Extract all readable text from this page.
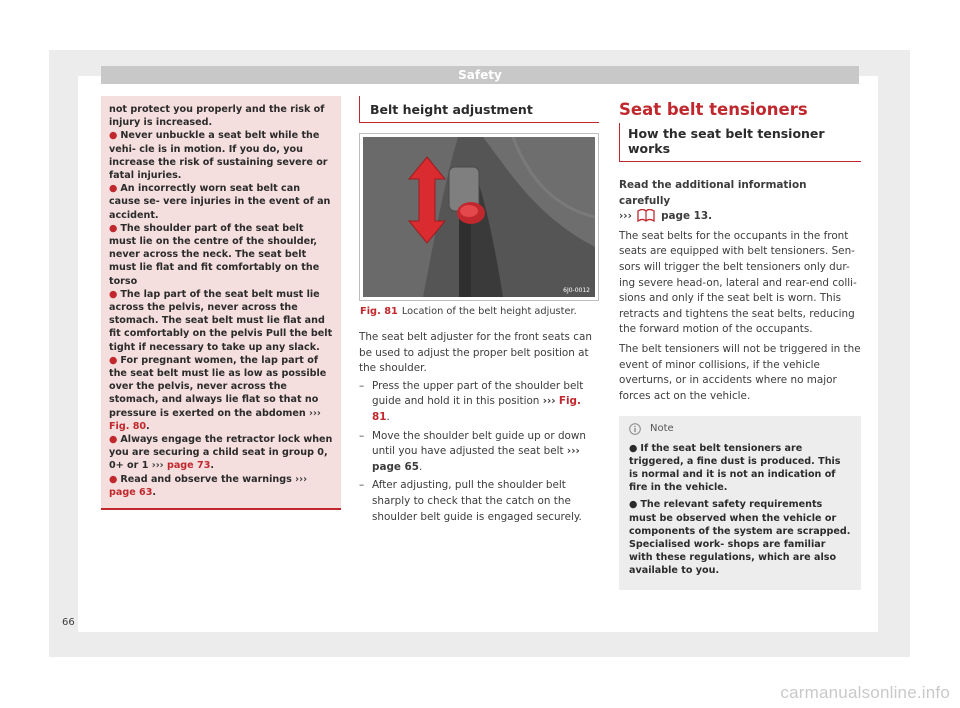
Safety

not protect you properly and the risk of injury is increased.

● Never unbuckle a seat belt while the vehi- cle is in motion. If you do, you increase the risk of sustaining severe or fatal injuries.

● An incorrectly worn seat belt can cause se- vere injuries in the event of an accident.

● The shoulder part of the seat belt must lie on the centre of the shoulder, never across the neck. The seat belt must lie flat and fit comfortably on the torso

● The lap part of the seat belt must lie across the pelvis, never across the stomach. The seat belt must lie flat and fit comfortably on the pelvis Pull the belt tight if necessary to take up any slack.

● For pregnant women, the lap part of the seat belt must lie as low as possible over the pelvis, never across the stomach, and always lie flat so that no pressure is exerted on the abdomen ››› Fig. 80.

● Always engage the retractor lock when you are securing a child seat in group 0, 0+ or 1 ››› page 73.

● Read and observe the warnings ››› page 63.

Belt height adjustment
6J0-0012
Fig. 81 Location of the belt height adjuster.

The seat belt adjuster for the front seats can be used to adjust the proper belt position at the shoulder.

– Press the upper part of the shoulder belt guide and hold it in this position ››› Fig. 81.
– Move the shoulder belt guide up or down until you have adjusted the seat belt ››› page 65.
– After adjusting, pull the shoulder belt sharply to check that the catch on the shoulder belt guide is engaged securely.
Seat belt tensioners
How the seat belt tensioner works
Read the additional information carefully
›››	page 13.

The seat belts for the occupants in the front seats are equipped with belt tensioners. Sen- sors will trigger the belt tensioners only dur- ing severe head-on, lateral and rear-end colli- sions and only if the seat belt is worn. This retracts and tightens the seat belts, reducing the forward motion of the occupants.

The belt tensioners will not be triggered in the event of minor collisions, if the vehicle overturns, or in accidents where no major forces act on the vehicle.

Note

● If the seat belt tensioners are triggered, a fine dust is produced. This is normal and it is not an indication of fire in the vehicle.

● The relevant safety requirements must be observed when the vehicle or components of the system are scrapped. Specialised work- shops are familiar with these regulations, which are also available to you.

66
carmanualsonline.info
